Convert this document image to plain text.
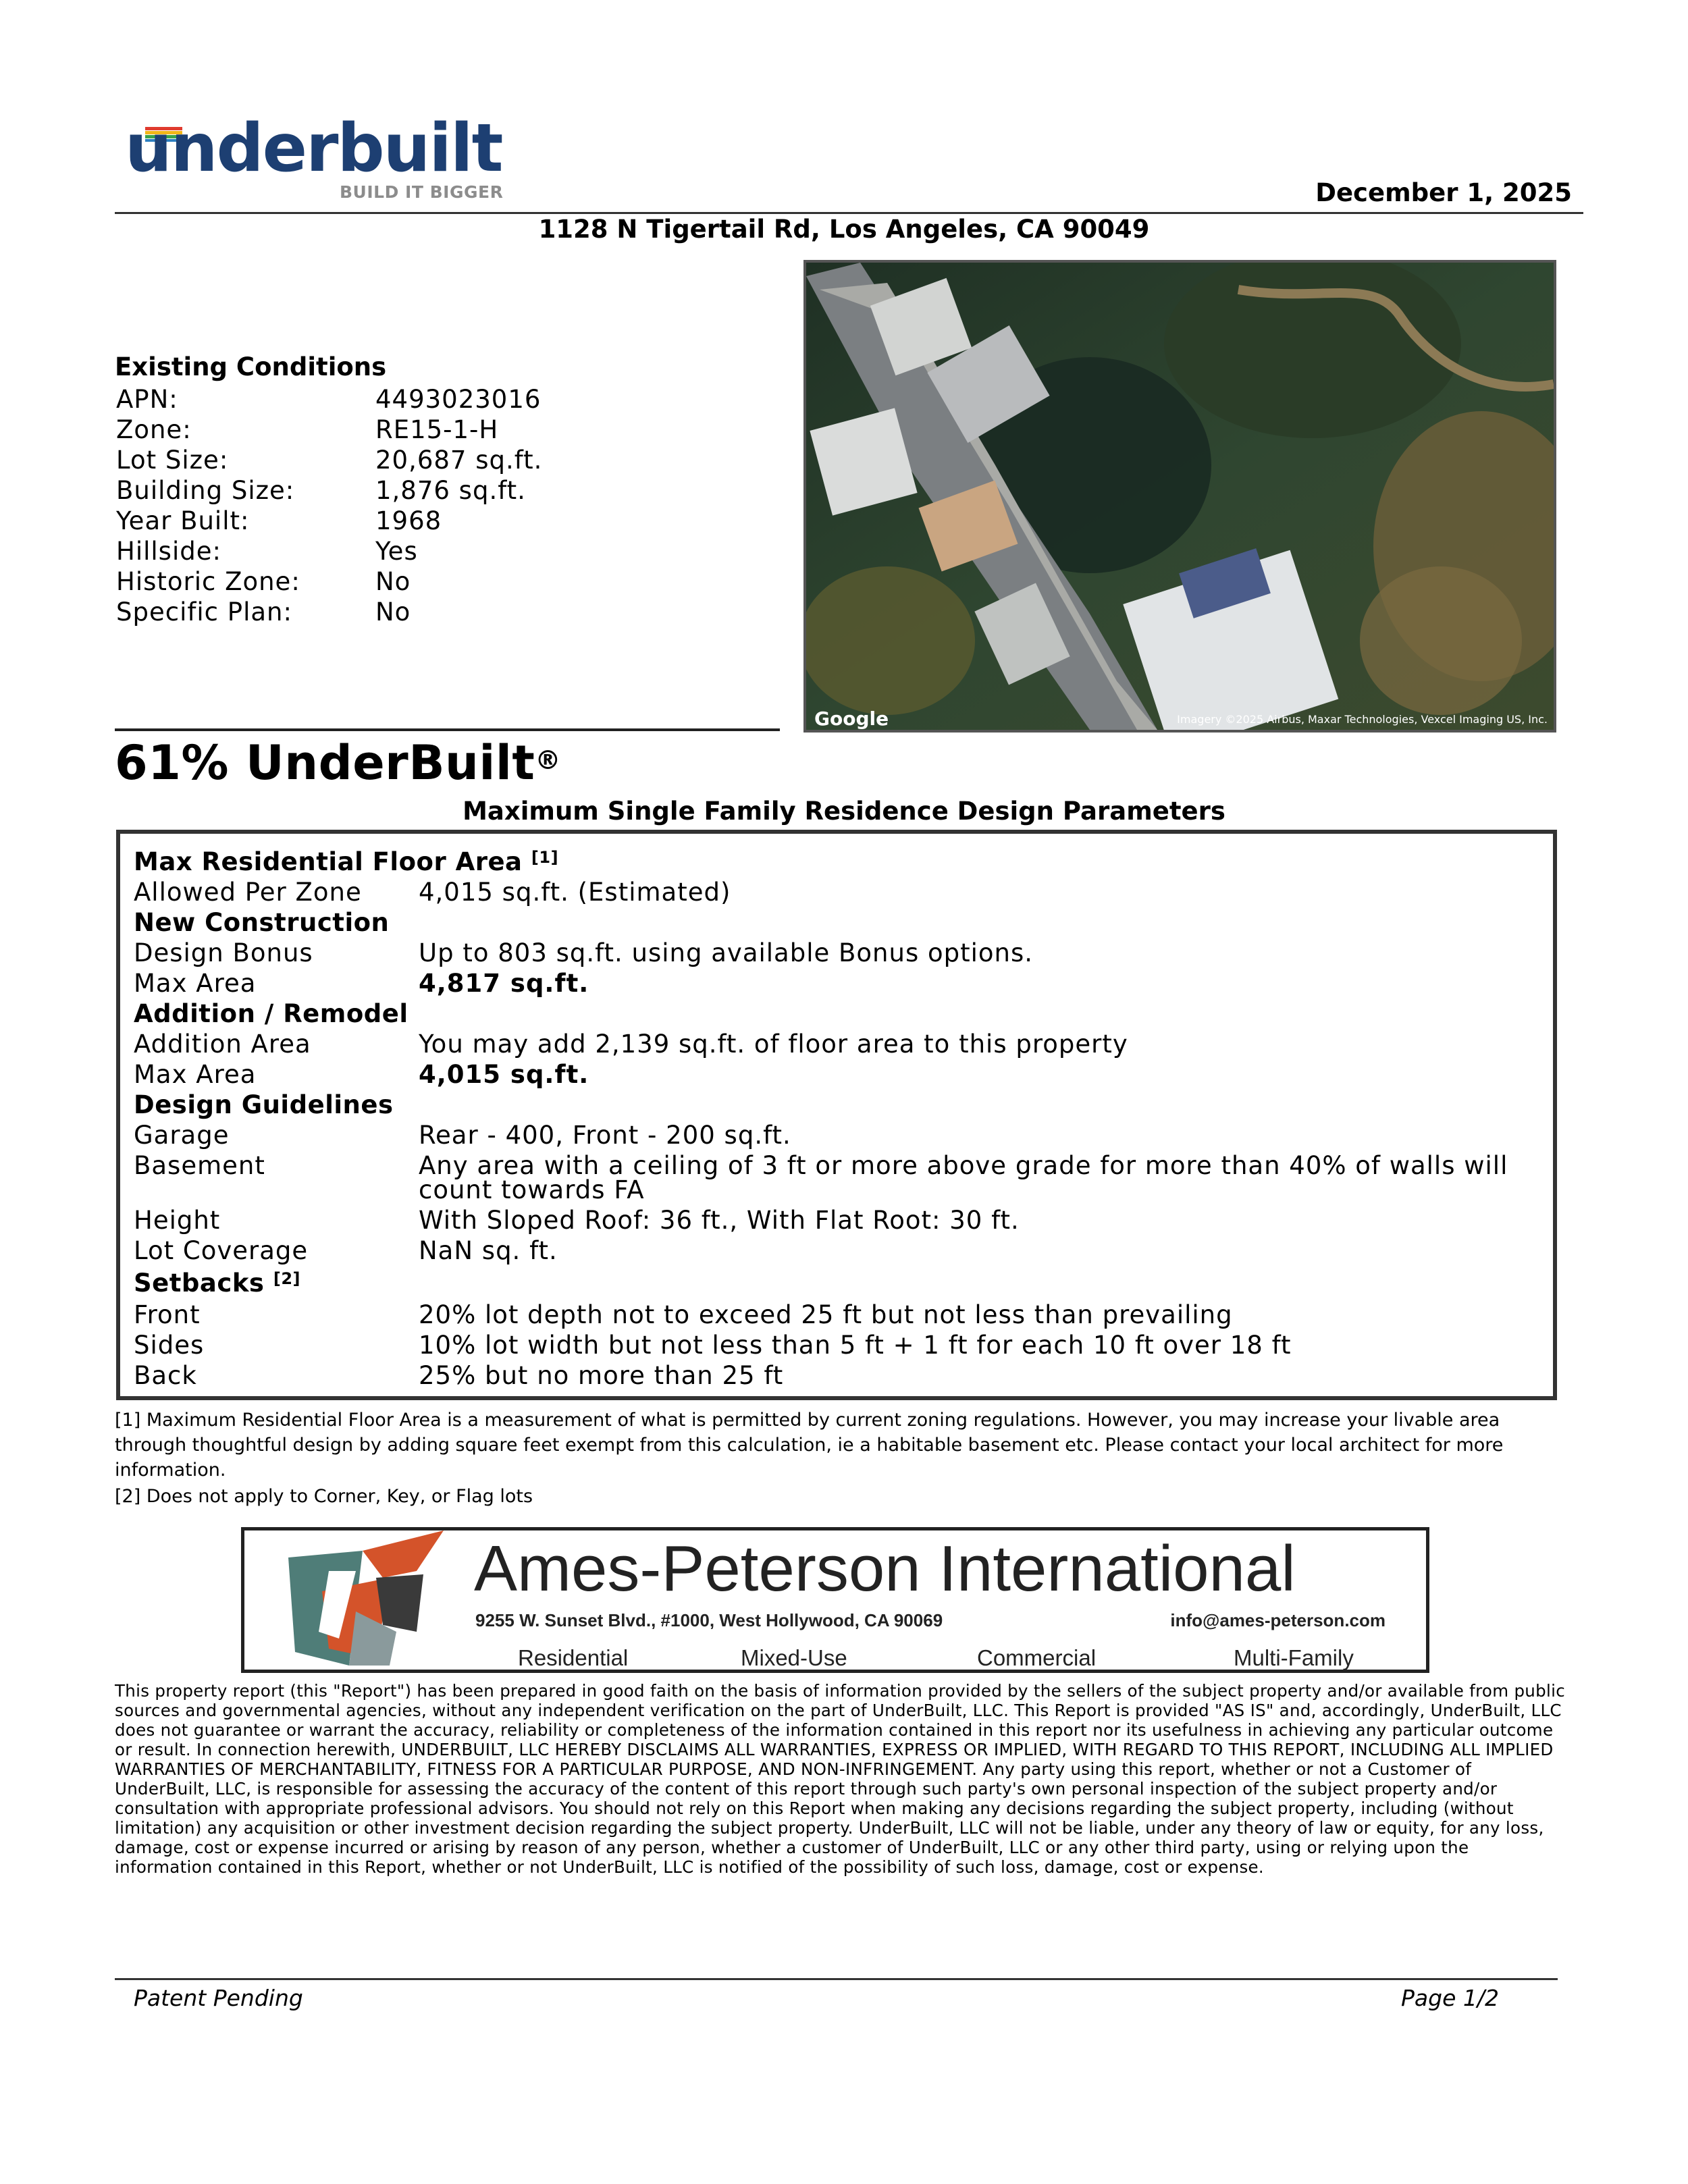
underbuilt
BUILD IT BIGGER	December 1, 2025
1128 N Tigertail Rd, Los Angeles, CA 90049
Existing Conditions
APN:	4493023016
Zone:	RE15-1-H
Lot Size:	20,687 sq.ft.
Building Size:	1,876 sq.ft.
Year Built:	1968
Hillside:	Yes
Historic Zone:	No
Specific Plan:	No
Google	Imagery ©2025 Airbus, Maxar Technologies, Vexcel Imaging US, Inc.
61% UnderBuilt®
Maximum Single Family Residence Design Parameters
Max Residential Floor Area [1]
Allowed Per Zone 4,015 sq.ft. (Estimated)
New Construction
Design Bonus	Up to 803 sq.ft. using available Bonus options.
Max Area	4,817 sq.ft.
Addition / Remodel
Addition Area	You may add 2,139 sq.ft. of floor area to this property
Max Area	4,015 sq.ft.
Design Guidelines
Garage	Rear - 400, Front - 200 sq.ft.
Basement	Any area with a ceiling of 3 ft or more above grade for more than 40% of walls will
count towards FA
Height	With Sloped Roof: 36 ft., With Flat Root: 30 ft.
Lot Coverage	NaN sq. ft.
Setbacks [2]
Front	20% lot depth not to exceed 25 ft but not less than prevailing
Sides	10% lot width but not less than 5 ft + 1 ft for each 10 ft over 18 ft
Back	25% but no more than 25 ft
[1] Maximum Residential Floor Area is a measurement of what is permitted by current zoning regulations. However, you may increase your livable area through thoughtful design by adding square feet exempt from this calculation, ie a habitable basement etc. Please contact your local architect for more information.
[2] Does not apply to Corner, Key, or Flag lots
Ames-Peterson International
9255 W. Sunset Blvd., #1000, West Hollywood, CA 90069	info@ames-peterson.com
Residential	Mixed-Use	Commercial	Multi-Family
This property report (this "Report") has been prepared in good faith on the basis of information provided by the sellers of the subject property and/or available from public sources and governmental agencies, without any independent verification on the part of UnderBuilt, LLC. This Report is provided "AS IS" and, accordingly, UnderBuilt, LLC does not guarantee or warrant the accuracy, reliability or completeness of the information contained in this report nor its usefulness in achieving any particular outcome or result. In connection herewith, UNDERBUILT, LLC HEREBY DISCLAIMS ALL WARRANTIES, EXPRESS OR IMPLIED, WITH REGARD TO THIS REPORT, INCLUDING ALL IMPLIED WARRANTIES OF MERCHANTABILITY, FITNESS FOR A PARTICULAR PURPOSE, AND NON-INFRINGEMENT. Any party using this report, whether or not a Customer of UnderBuilt, LLC, is responsible for assessing the accuracy of the content of this report through such party's own personal inspection of the subject property and/or consultation with appropriate professional advisors. You should not rely on this Report when making any decisions regarding the subject property, including (without limitation) any acquisition or other investment decision regarding the subject property. UnderBuilt, LLC will not be liable, under any theory of law or equity, for any loss, damage, cost or expense incurred or arising by reason of any person, whether a customer of UnderBuilt, LLC or any other third party, using or relying upon the information contained in this Report, whether or not UnderBuilt, LLC is notified of the possibility of such loss, damage, cost or expense.
Patent Pending	Page 1/2
